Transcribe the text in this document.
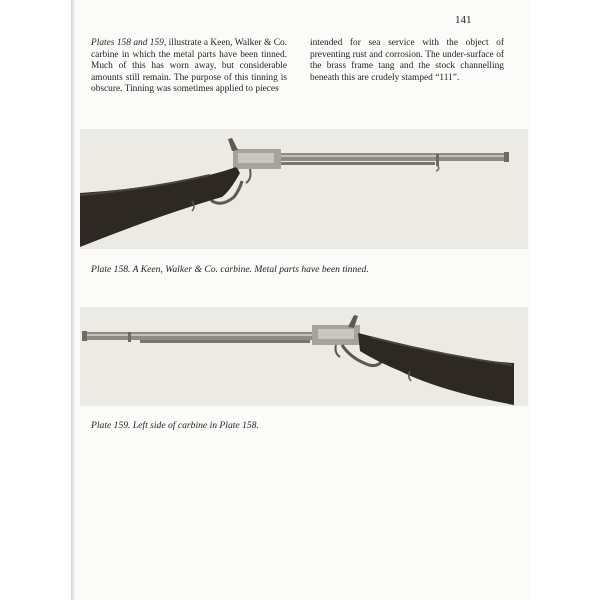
141
Plates 158 and 159, illustrate a Keen, Walker & Co. carbine in which the metal parts have been tinned. Much of this has worn away, but considerable amounts still remain. The purpose of this tinning is obscure. Tinning was sometimes applied to pieces
intended for sea service with the object of preventing rust and corrosion. The under-surface of the brass frame tang and the stock channelling beneath this are crudely stamped “111”.
Plate 158. A Keen, Walker & Co. carbine. Metal parts have been tinned.
Plate 159. Left side of carbine in Plate 158.
